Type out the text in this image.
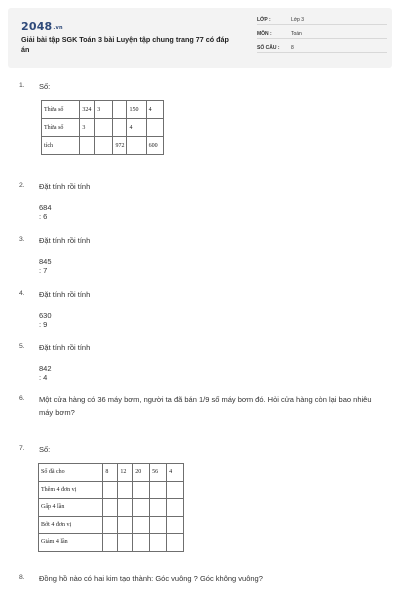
2048.vn
Giải bài tập SGK Toán 3 bài Luyện tập chung trang 77 có đáp án
LỚP :	Lớp 3
MÔN :	Toán
SỐ CÂU : 8
1. Số:
Thừa số	324	3		150	4
Thừa số	3			4	
tích			972		600
2. Đặt tính rồi tính
684 : 6
3. Đặt tính rồi tính
845 : 7
4. Đặt tính rồi tính
630 : 9
5. Đặt tính rồi tính
842 : 4
6. Một cửa hàng có 36 máy bơm, người ta đã bán 1/9 số máy bơm đó. Hỏi cửa hàng còn lại bao nhiêu máy bơm?
7. Số:
Số đã cho	8	12	20	56	4
Thêm 4 đơn vị					
Gấp 4 lần					
Bớt 4 đơn vị					
Giảm 4 lần					
8. Đồng hồ nào có hai kim tạo thành: Góc vuông ? Góc không vuông?
